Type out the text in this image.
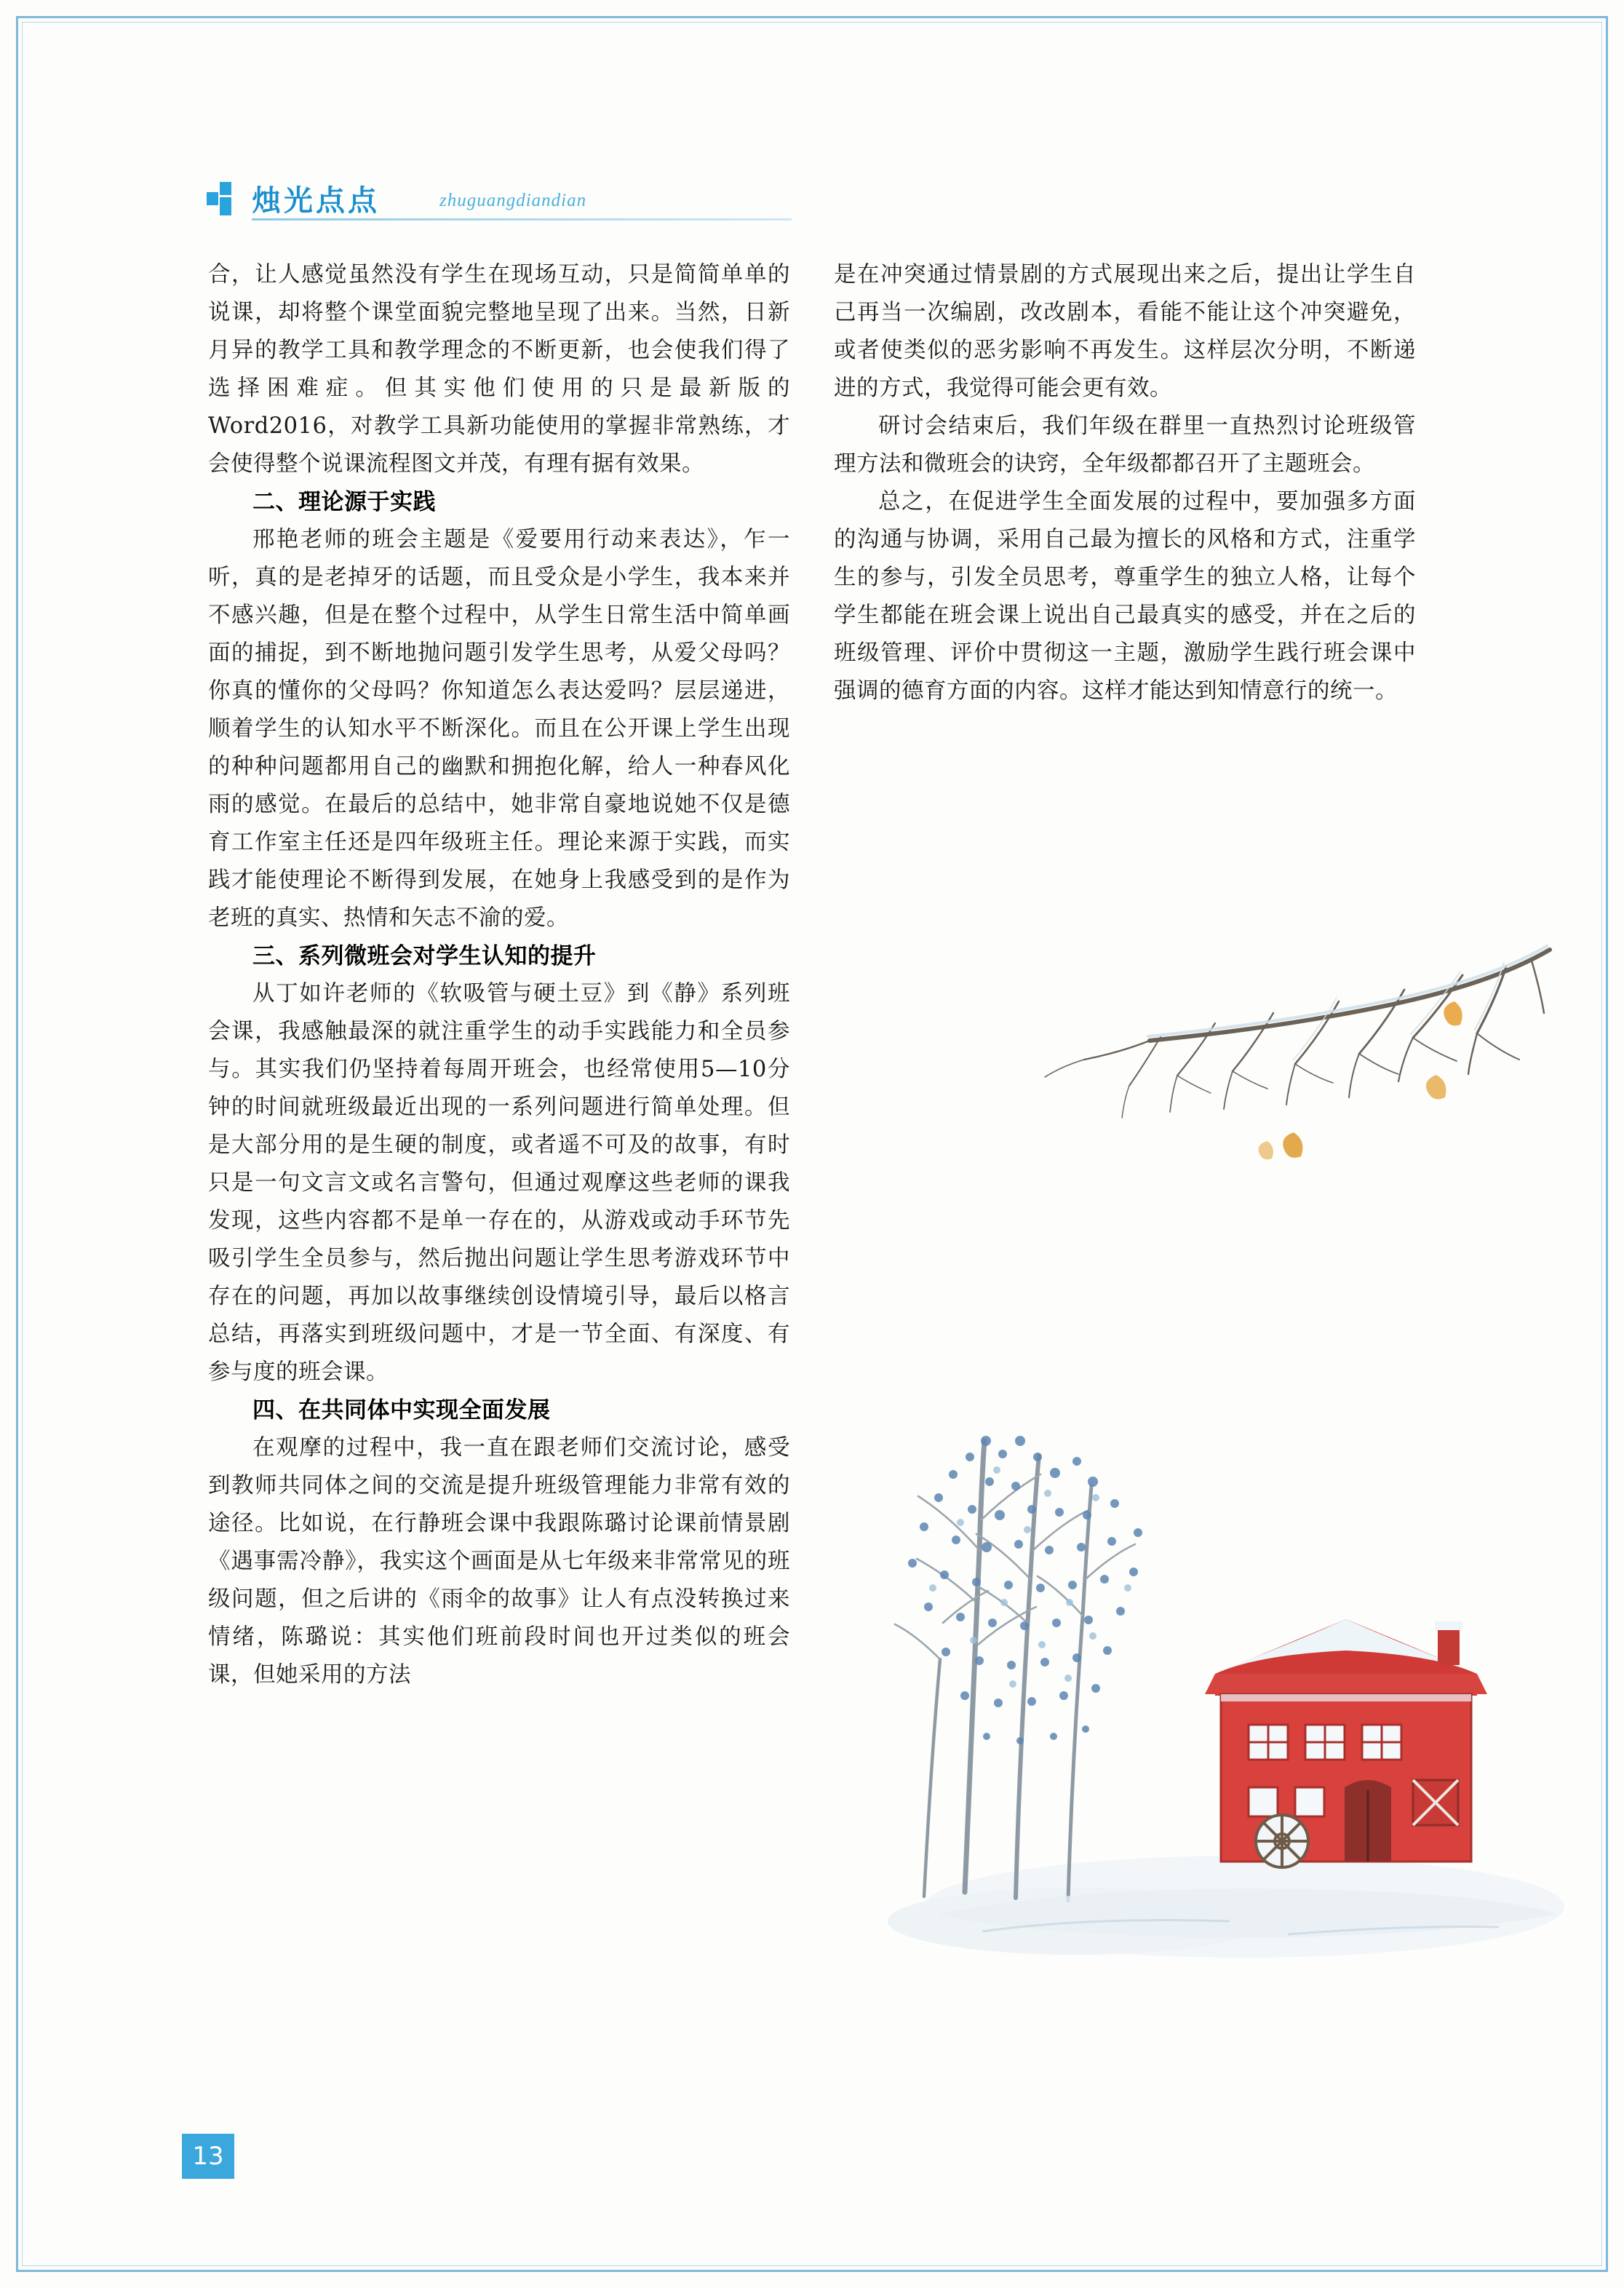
烛光点点	zhuguangdiandian

合，让人感觉虽然没有学生在现场互动，只是简简单单的说课，却将整个课堂面貌完整地呈现了出来。当然，日新月异的教学工具和教学理念的不断更新，也会使我们得了选择困难症。但其实他们使用的只是最新版的Word2016，对教学工具新功能使用的掌握非常熟练，才会使得整个说课流程图文并茂，有理有据有效果。

二、理论源于实践

邢艳老师的班会主题是《爱要用行动来表达》，乍一听，真的是老掉牙的话题，而且受众是小学生，我本来并不感兴趣，但是在整个过程中，从学生日常生活中简单画面的捕捉，到不断地抛问题引发学生思考，从爱父母吗？你真的懂你的父母吗？你知道怎么表达爱吗？层层递进，顺着学生的认知水平不断深化。而且在公开课上学生出现的种种问题都用自己的幽默和拥抱化解，给人一种春风化雨的感觉。在最后的总结中，她非常自豪地说她不仅是德育工作室主任还是四年级班主任。理论来源于实践，而实践才能使理论不断得到发展，在她身上我感受到的是作为老班的真实、热情和矢志不渝的爱。

三、系列微班会对学生认知的提升

从丁如许老师的《软吸管与硬土豆》到《静》系列班会课，我感触最深的就注重学生的动手实践能力和全员参与。其实我们仍坚持着每周开班会，也经常使用5—10分钟的时间就班级最近出现的一系列问题进行简单处理。但是大部分用的是生硬的制度，或者遥不可及的故事，有时只是一句文言文或名言警句，但通过观摩这些老师的课我发现，这些内容都不是单一存在的，从游戏或动手环节先吸引学生全员参与，然后抛出问题让学生思考游戏环节中存在的问题，再加以故事继续创设情境引导，最后以格言总结，再落实到班级问题中，才是一节全面、有深度、有参与度的班会课。

四、在共同体中实现全面发展

在观摩的过程中，我一直在跟老师们交流讨论，感受到教师共同体之间的交流是提升班级管理能力非常有效的途径。比如说，在行静班会课中我跟陈璐讨论课前情景剧《遇事需冷静》，我实这个画面是从七年级来非常常见的班级问题，但之后讲的《雨伞的故事》让人有点没转换过来情绪，陈璐说：其实他们班前段时间也开过类似的班会课，但她采用的方法

是在冲突通过情景剧的方式展现出来之后，提出让学生自己再当一次编剧，改改剧本，看能不能让这个冲突避免，或者使类似的恶劣影响不再发生。这样层次分明，不断递进的方式，我觉得可能会更有效。

研讨会结束后，我们年级在群里一直热烈讨论班级管理方法和微班会的诀窍，全年级都都召开了主题班会。

总之，在促进学生全面发展的过程中，要加强多方面的沟通与协调，采用自己最为擅长的风格和方式，注重学生的参与，引发全员思考，尊重学生的独立人格，让每个学生都能在班会课上说出自己最真实的感受，并在之后的班级管理、评价中贯彻这一主题，激励学生践行班会课中强调的德育方面的内容。这样才能达到知情意行的统一。

13
